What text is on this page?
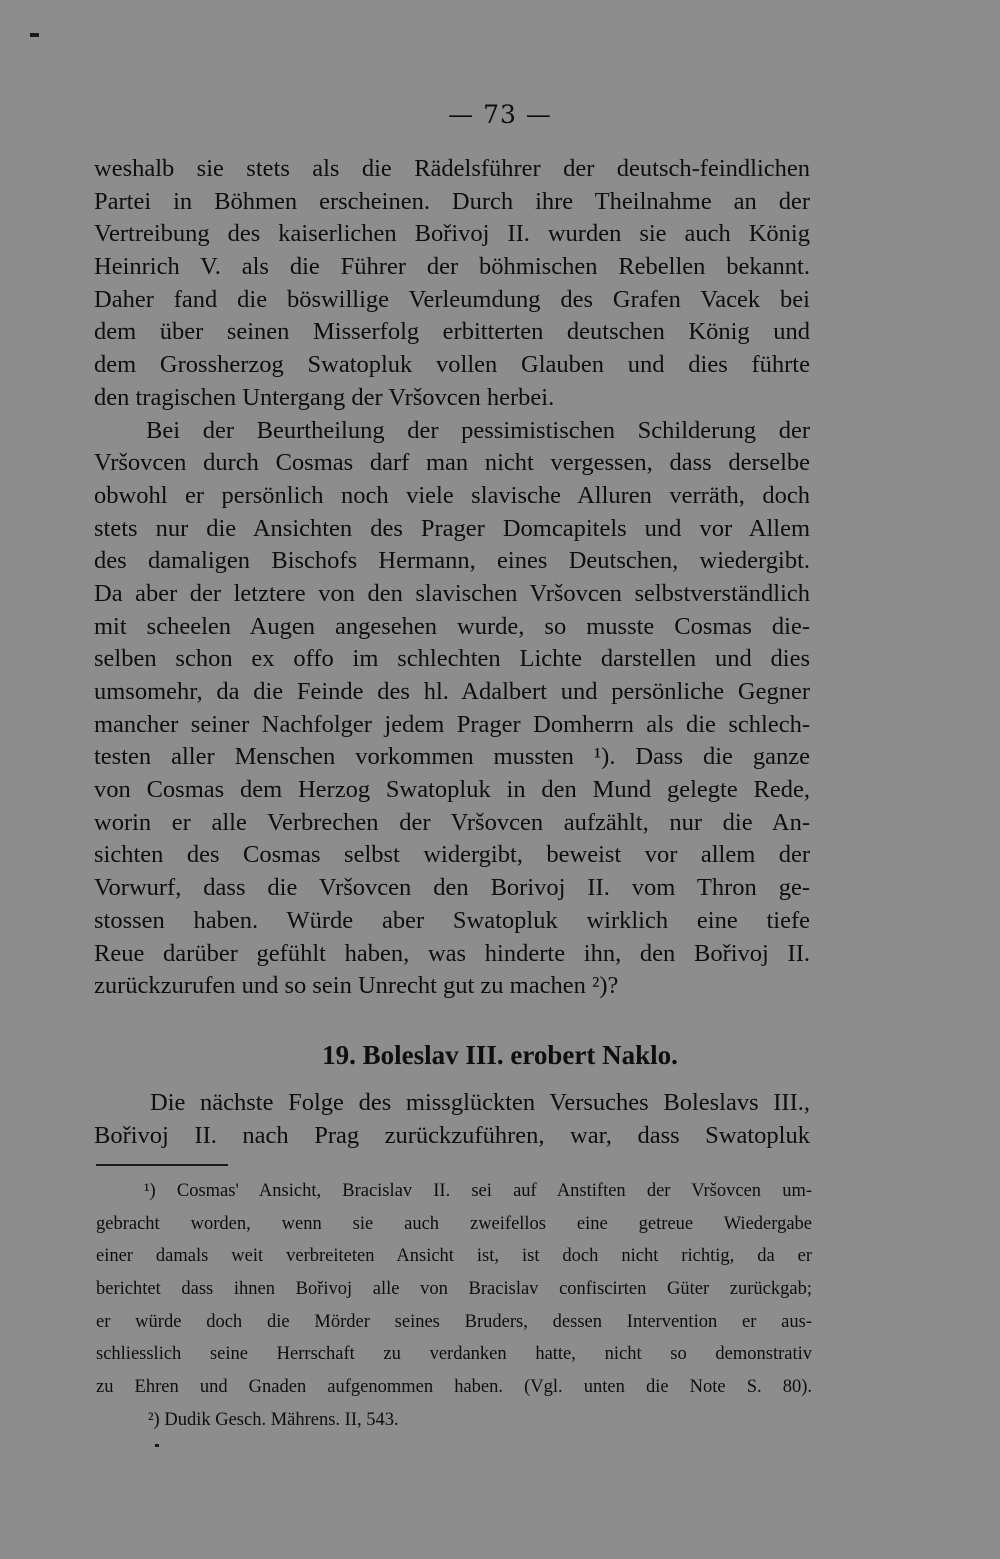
— 73 —
weshalb sie stets als die Rädelsführer der deutsch-feindlichen
Partei in Böhmen erscheinen. Durch ihre Theilnahme an der
Vertreibung des kaiserlichen Bořivoj II. wurden sie auch König
Heinrich V. als die Führer der böhmischen Rebellen bekannt.
Daher fand die böswillige Verleumdung des Grafen Vacek bei
dem über seinen Misserfolg erbitterten deutschen König und
dem Grossherzog Swatopluk vollen Glauben und dies führte
den tragischen Untergang der Vršovcen herbei.
Bei der Beurtheilung der pessimistischen Schilderung der
Vršovcen durch Cosmas darf man nicht vergessen, dass derselbe
obwohl er persönlich noch viele slavische Alluren verräth, doch
stets nur die Ansichten des Prager Domcapitels und vor Allem
des damaligen Bischofs Hermann, eines Deutschen, wiedergibt.
Da aber der letztere von den slavischen Vršovcen selbstverständlich
mit scheelen Augen angesehen wurde, so musste Cosmas die-
selben schon ex offo im schlechten Lichte darstellen und dies
umsomehr, da die Feinde des hl. Adalbert und persönliche Gegner
mancher seiner Nachfolger jedem Prager Domherrn als die schlech-
testen aller Menschen vorkommen mussten ¹). Dass die ganze
von Cosmas dem Herzog Swatopluk in den Mund gelegte Rede,
worin er alle Verbrechen der Vršovcen aufzählt, nur die An-
sichten des Cosmas selbst widergibt, beweist vor allem der
Vorwurf, dass die Vršovcen den Borivoj II. vom Thron ge-
stossen haben. Würde aber Swatopluk wirklich eine tiefe
Reue darüber gefühlt haben, was hinderte ihn, den Bořivoj II.
zurückzurufen und so sein Unrecht gut zu machen ²)?
19. Boleslav III. erobert Naklo.
Die nächste Folge des missglückten Versuches Boleslavs III.,
Bořivoj II. nach Prag zurückzuführen, war, dass Swatopluk
¹) Cosmas' Ansicht, Bracislav II. sei auf Anstiften der Vršovcen um-
gebracht worden, wenn sie auch zweifellos eine getreue Wiedergabe
einer damals weit verbreiteten Ansicht ist, ist doch nicht richtig, da er
berichtet dass ihnen Bořivoj alle von Bracislav confiscirten Güter zurückgab;
er würde doch die Mörder seines Bruders, dessen Intervention er aus-
schliesslich seine Herrschaft zu verdanken hatte, nicht so demonstrativ
zu Ehren und Gnaden aufgenommen haben. (Vgl. unten die Note S. 80).
²) Dudik Gesch. Mährens. II, 543.
